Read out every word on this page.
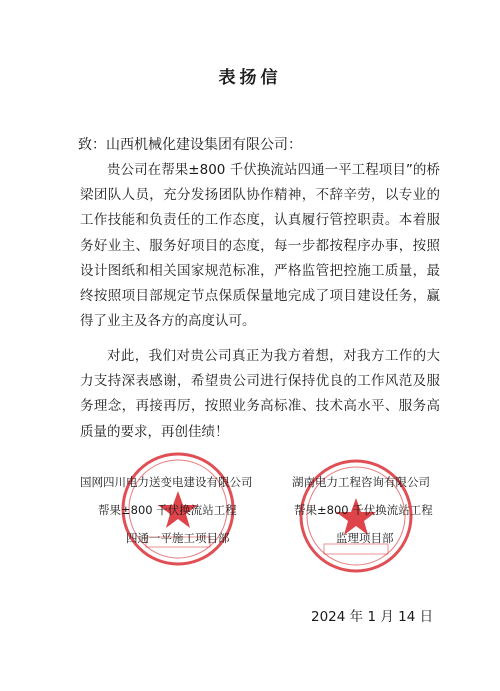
表扬信
致：山西机械化建设集团有限公司：

贵公司在帮果±800 千伏换流站四通一平工程项目”的桥梁团队人员，充分发扬团队协作精神，不辞辛劳，以专业的工作技能和负责任的工作态度，认真履行管控职责。本着服务好业主、服务好项目的态度，每一步都按程序办事，按照设计图纸和相关国家规范标准，严格监管把控施工质量，最终按照项目部规定节点保质保量地完成了项目建设任务，赢得了业主及各方的高度认可。

对此，我们对贵公司真正为我方着想，对我方工作的大力支持深表感谢，希望贵公司进行保持优良的工作风范及服务理念，再接再厉，按照业务高标准、技术高水平、服务高质量的要求，再创佳绩！

国网四川电力送变电建设有限公司
帮果±800 千伏换流站工程
四通一平施工项目部
湖南电力工程咨询有限公司
帮果±800 千伏换流站工程
监理项目部
2024 年 1 月 14 日
